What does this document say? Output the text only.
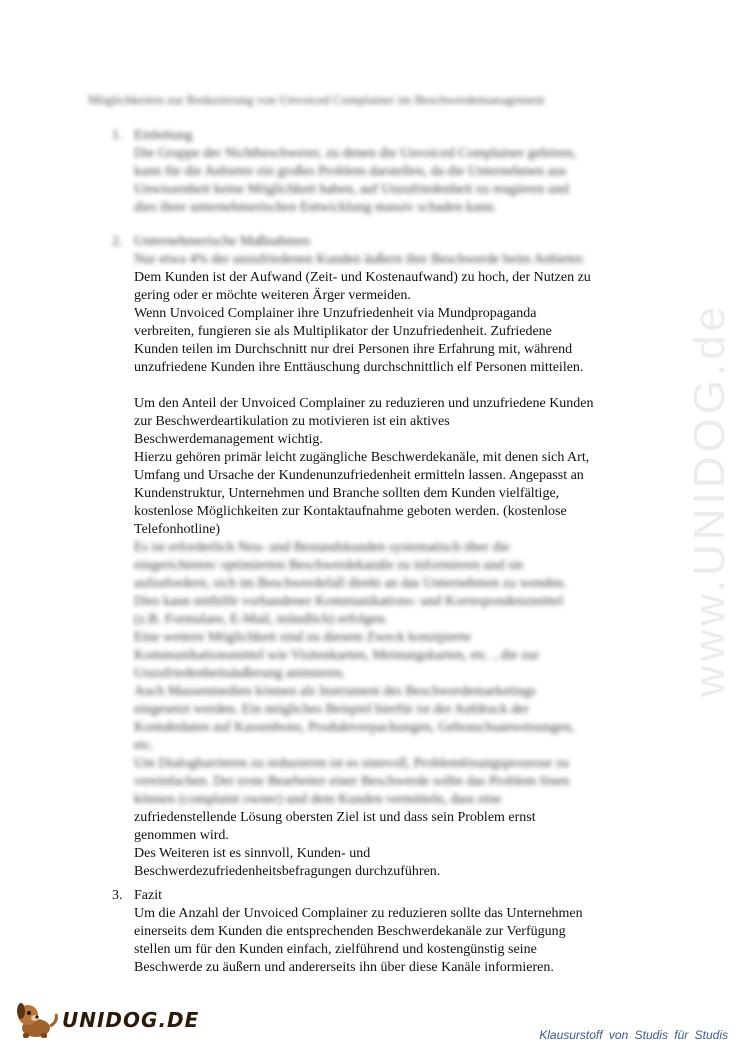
www.UNIDOG.de
Möglichkeiten zur Reduzierung von Unvoiced Complainer im Beschwerdemanagement
1. Einleitung
Die Gruppe der Nichtbeschwerer, zu denen die Unvoiced Complainer gehören,
kann für die Anbieter ein großes Problem darstellen, da die Unternehmen aus
Unwissenheit keine Möglichkeit haben, auf Unzufriedenheit zu reagieren und
dies ihrer unternehmerischen Entwicklung massiv schaden kann.
2. Unternehmerische Maßnahmen
Nur etwa 4% der unzufriedenen Kunden äußern ihre Beschwerde beim Anbieter.
Dem Kunden ist der Aufwand (Zeit- und Kostenaufwand) zu hoch, der Nutzen zu
gering oder er möchte weiteren Ärger vermeiden.
Wenn Unvoiced Complainer ihre Unzufriedenheit via Mundpropaganda
verbreiten, fungieren sie als Multiplikator der Unzufriedenheit. Zufriedene
Kunden teilen im Durchschnitt nur drei Personen ihre Erfahrung mit, während
unzufriedene Kunden ihre Enttäuschung durchschnittlich elf Personen mitteilen.
Um den Anteil der Unvoiced Complainer zu reduzieren und unzufriedene Kunden
zur Beschwerdeartikulation zu motivieren ist ein aktives
Beschwerdemanagement wichtig.
Hierzu gehören primär leicht zugängliche Beschwerdekanäle, mit denen sich Art,
Umfang und Ursache der Kundenunzufriedenheit ermitteln lassen. Angepasst an
Kundenstruktur, Unternehmen und Branche sollten dem Kunden vielfältige,
kostenlose Möglichkeiten zur Kontaktaufnahme geboten werden. (kostenlose
Telefonhotline)
Es ist erforderlich Neu- und Bestandskunden systematisch über die
eingerichteten/ optimierten Beschwerdekanäle zu informieren und sie
aufzufordern, sich im Beschwerdefall direkt an das Unternehmen zu wenden.
Dies kann mithilfe vorhandener Kommunikations- und Korrespondenzmittel
(z.B. Formulare, E-Mail, mündlich) erfolgen.
Eine weitere Möglichkeit sind zu diesem Zweck konzipierte
Kommunikationsmittel wie Visitenkarten, Meinungskarten, etc. , die zur
Unzufriedenheitsäußerung animieren.
Auch Massenmedien können als Instrument des Beschwerdemarketings
eingesetzt werden. Ein mögliches Beispiel hierfür ist der Aufdruck der
Kontaktdaten auf Kassenbons, Produktverpackungen, Gebrauchsanweisungen,
etc.
Um Dialogbarrieren zu reduzieren ist es sinnvoll, Problemlösungsprozesse zu
vereinfachen. Der erste Bearbeiter einer Beschwerde sollte das Problem lösen
können (complaint owner) und dem Kunden vermitteln, dass eine
zufriedenstellende Lösung obersten Ziel ist und dass sein Problem ernst
genommen wird.
Des Weiteren ist es sinnvoll, Kunden- und
Beschwerdezufriedenheitsbefragungen durchzuführen.
3. Fazit
Um die Anzahl der Unvoiced Complainer zu reduzieren sollte das Unternehmen
einerseits dem Kunden die entsprechenden Beschwerdekanäle zur Verfügung
stellen um für den Kunden einfach, zielführend und kostengünstig seine
Beschwerde zu äußern und andererseits ihn über diese Kanäle informieren.
UNIDOG.DE
Klausurstoff von Studis für Studis
